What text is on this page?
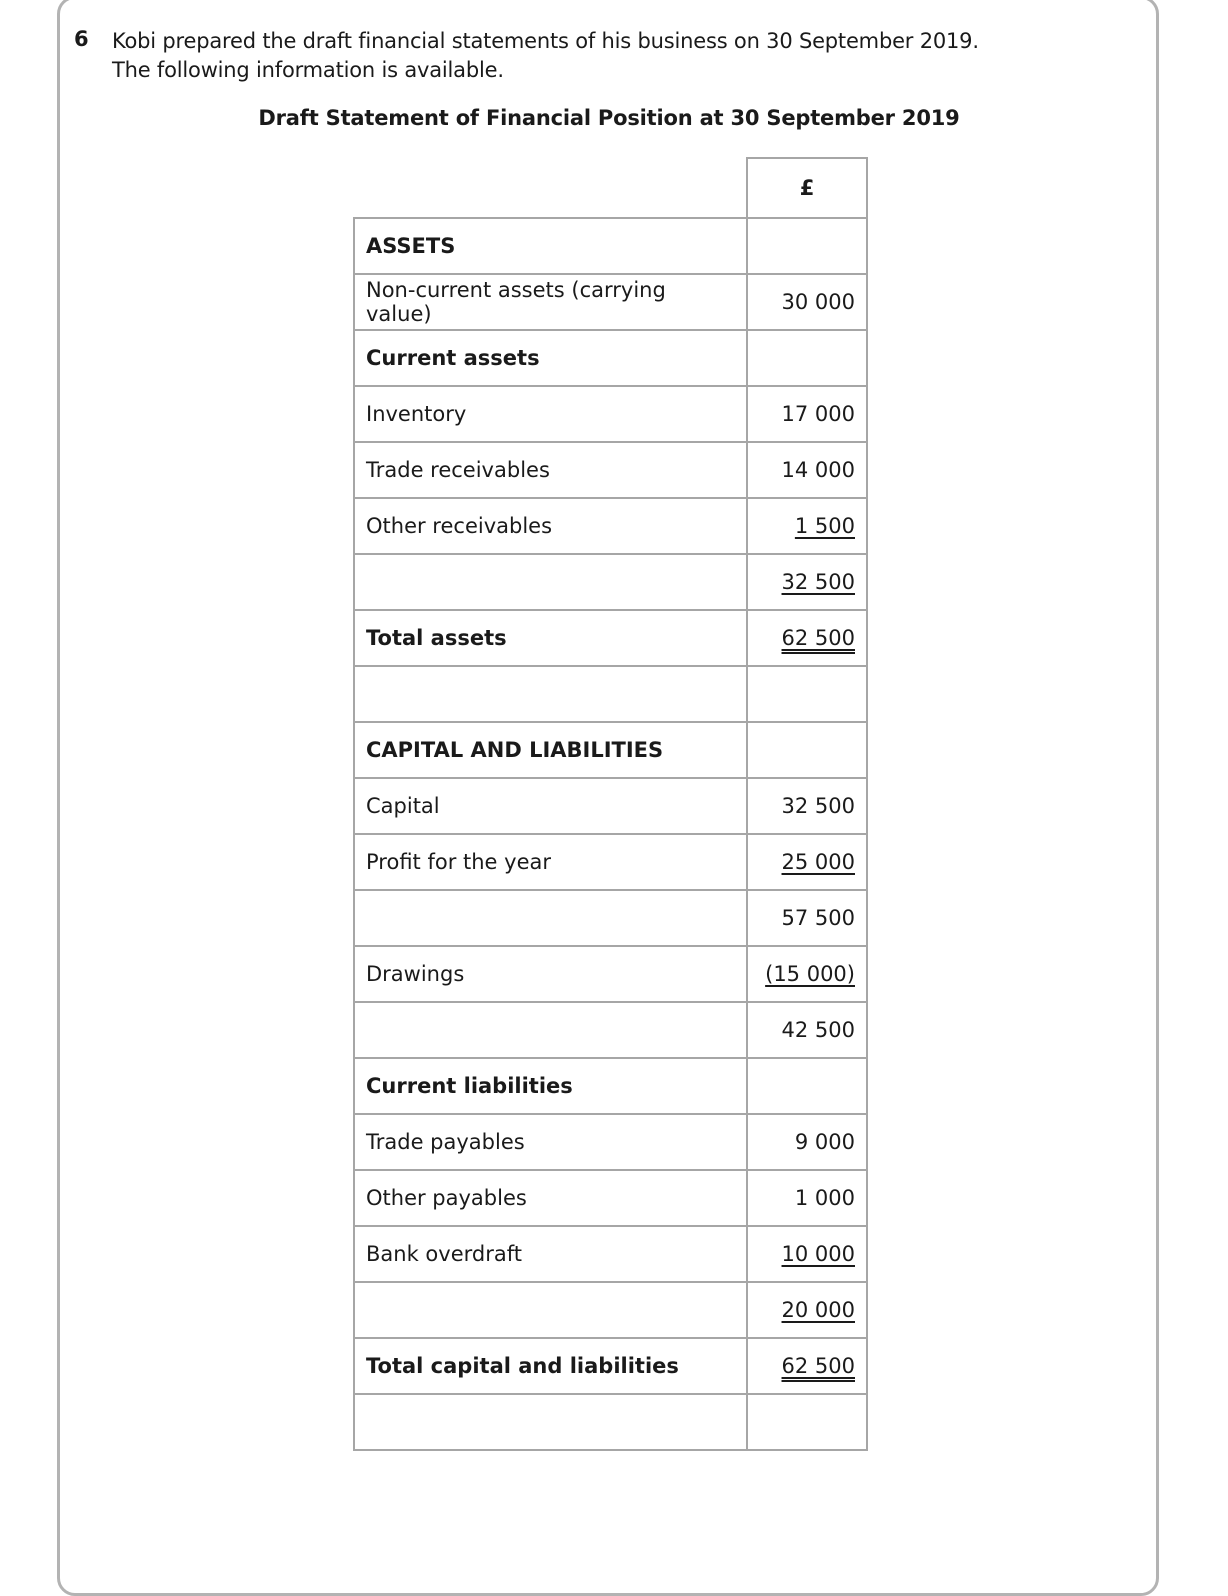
6 Kobi prepared the draft financial statements of his business on 30 September 2019.
The following information is available.
Draft Statement of Financial Position at 30 September 2019
	£
ASSETS	
Non-current assets (carrying value)	30 000
Current assets	
Inventory	17 000
Trade receivables	14 000
Other receivables	1 500
	32 500
Total assets	62 500

CAPITAL AND LIABILITIES	
Capital	32 500
Profit for the year	25 000
	57 500
Drawings	(15 000)
	42 500
Current liabilities	
Trade payables	9 000
Other payables	1 000
Bank overdraft	10 000
	20 000
Total capital and liabilities	62 500
